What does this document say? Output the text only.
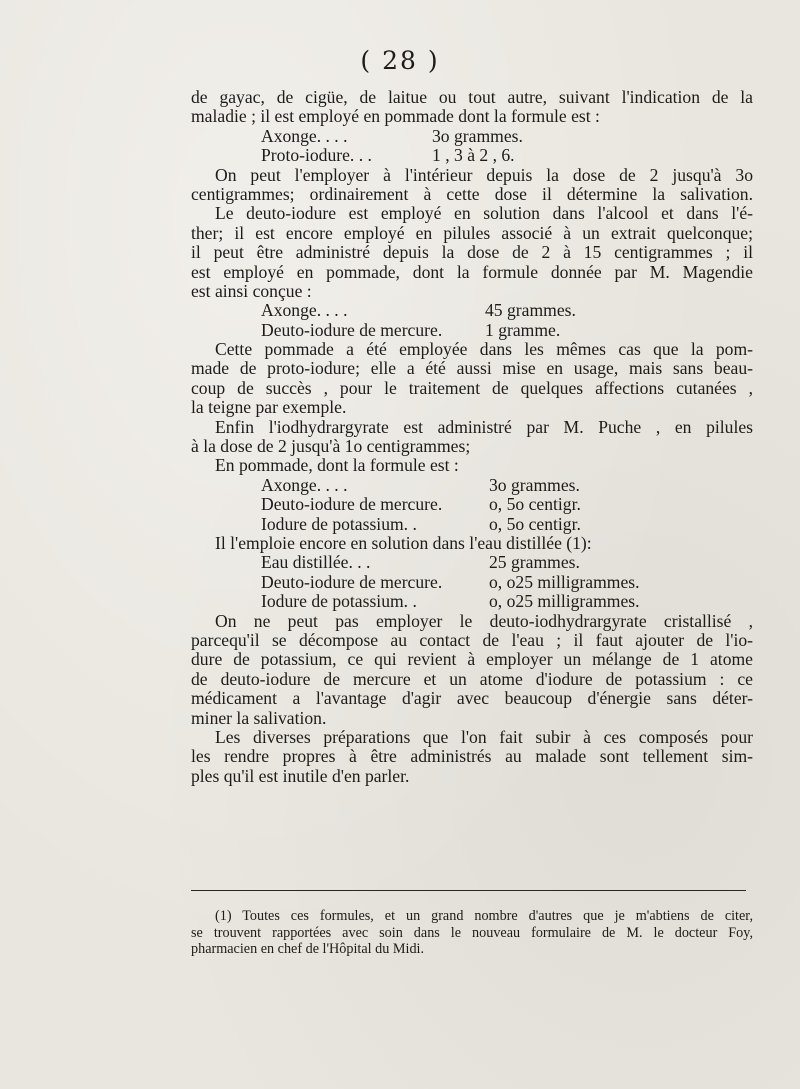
( 28 )
de gayac, de cigüe, de laitue ou tout autre, suivant l'indication de la
maladie ; il est employé en pommade dont la formule est :
Axonge. . . .	3o grammes.
Proto-iodure. . .	1 , 3 à 2 , 6.
On peut l'employer à l'intérieur depuis la dose de 2 jusqu'à 3o
centigrammes; ordinairement à cette dose il détermine la salivation.
Le deuto-iodure est employé en solution dans l'alcool et dans l'é-
ther; il est encore employé en pilules associé à un extrait quelconque;
il peut être administré depuis la dose de 2 à 15 centigrammes ; il
est employé en pommade, dont la formule donnée par M. Magendie
est ainsi conçue :
Axonge. . . .	45 grammes.
Deuto-iodure de mercure.	1 gramme.
Cette pommade a été employée dans les mêmes cas que la pom-
made de proto-iodure; elle a été aussi mise en usage, mais sans beau-
coup de succès , pour le traitement de quelques affections cutanées ,
la teigne par exemple.
Enfin l'iodhydrargyrate est administré par M. Puche , en pilules
à la dose de 2 jusqu'à 1o centigrammes;
En pommade, dont la formule est :
Axonge. . . .	3o grammes.
Deuto-iodure de mercure.	o, 5o centigr.
Iodure de potassium. .	o, 5o centigr.
Il l'emploie encore en solution dans l'eau distillée (1):
Eau distillée. . .	25 grammes.
Deuto-iodure de mercure.	o, o25 milligrammes.
Iodure de potassium. .	o, o25 milligrammes.
On ne peut pas employer le deuto-iodhydrargyrate cristallisé ,
parcequ'il se décompose au contact de l'eau ; il faut ajouter de l'io-
dure de potassium, ce qui revient à employer un mélange de 1 atome
de deuto-iodure de mercure et un atome d'iodure de potassium : ce
médicament a l'avantage d'agir avec beaucoup d'énergie sans déter-
miner la salivation.
Les diverses préparations que l'on fait subir à ces composés pour
les rendre propres à être administrés au malade sont tellement sim-
ples qu'il est inutile d'en parler.
(1) Toutes ces formules, et un grand nombre d'autres que je m'abtiens de citer,
se trouvent rapportées avec soin dans le nouveau formulaire de M. le docteur Foy,
pharmacien en chef de l'Hôpital du Midi.
